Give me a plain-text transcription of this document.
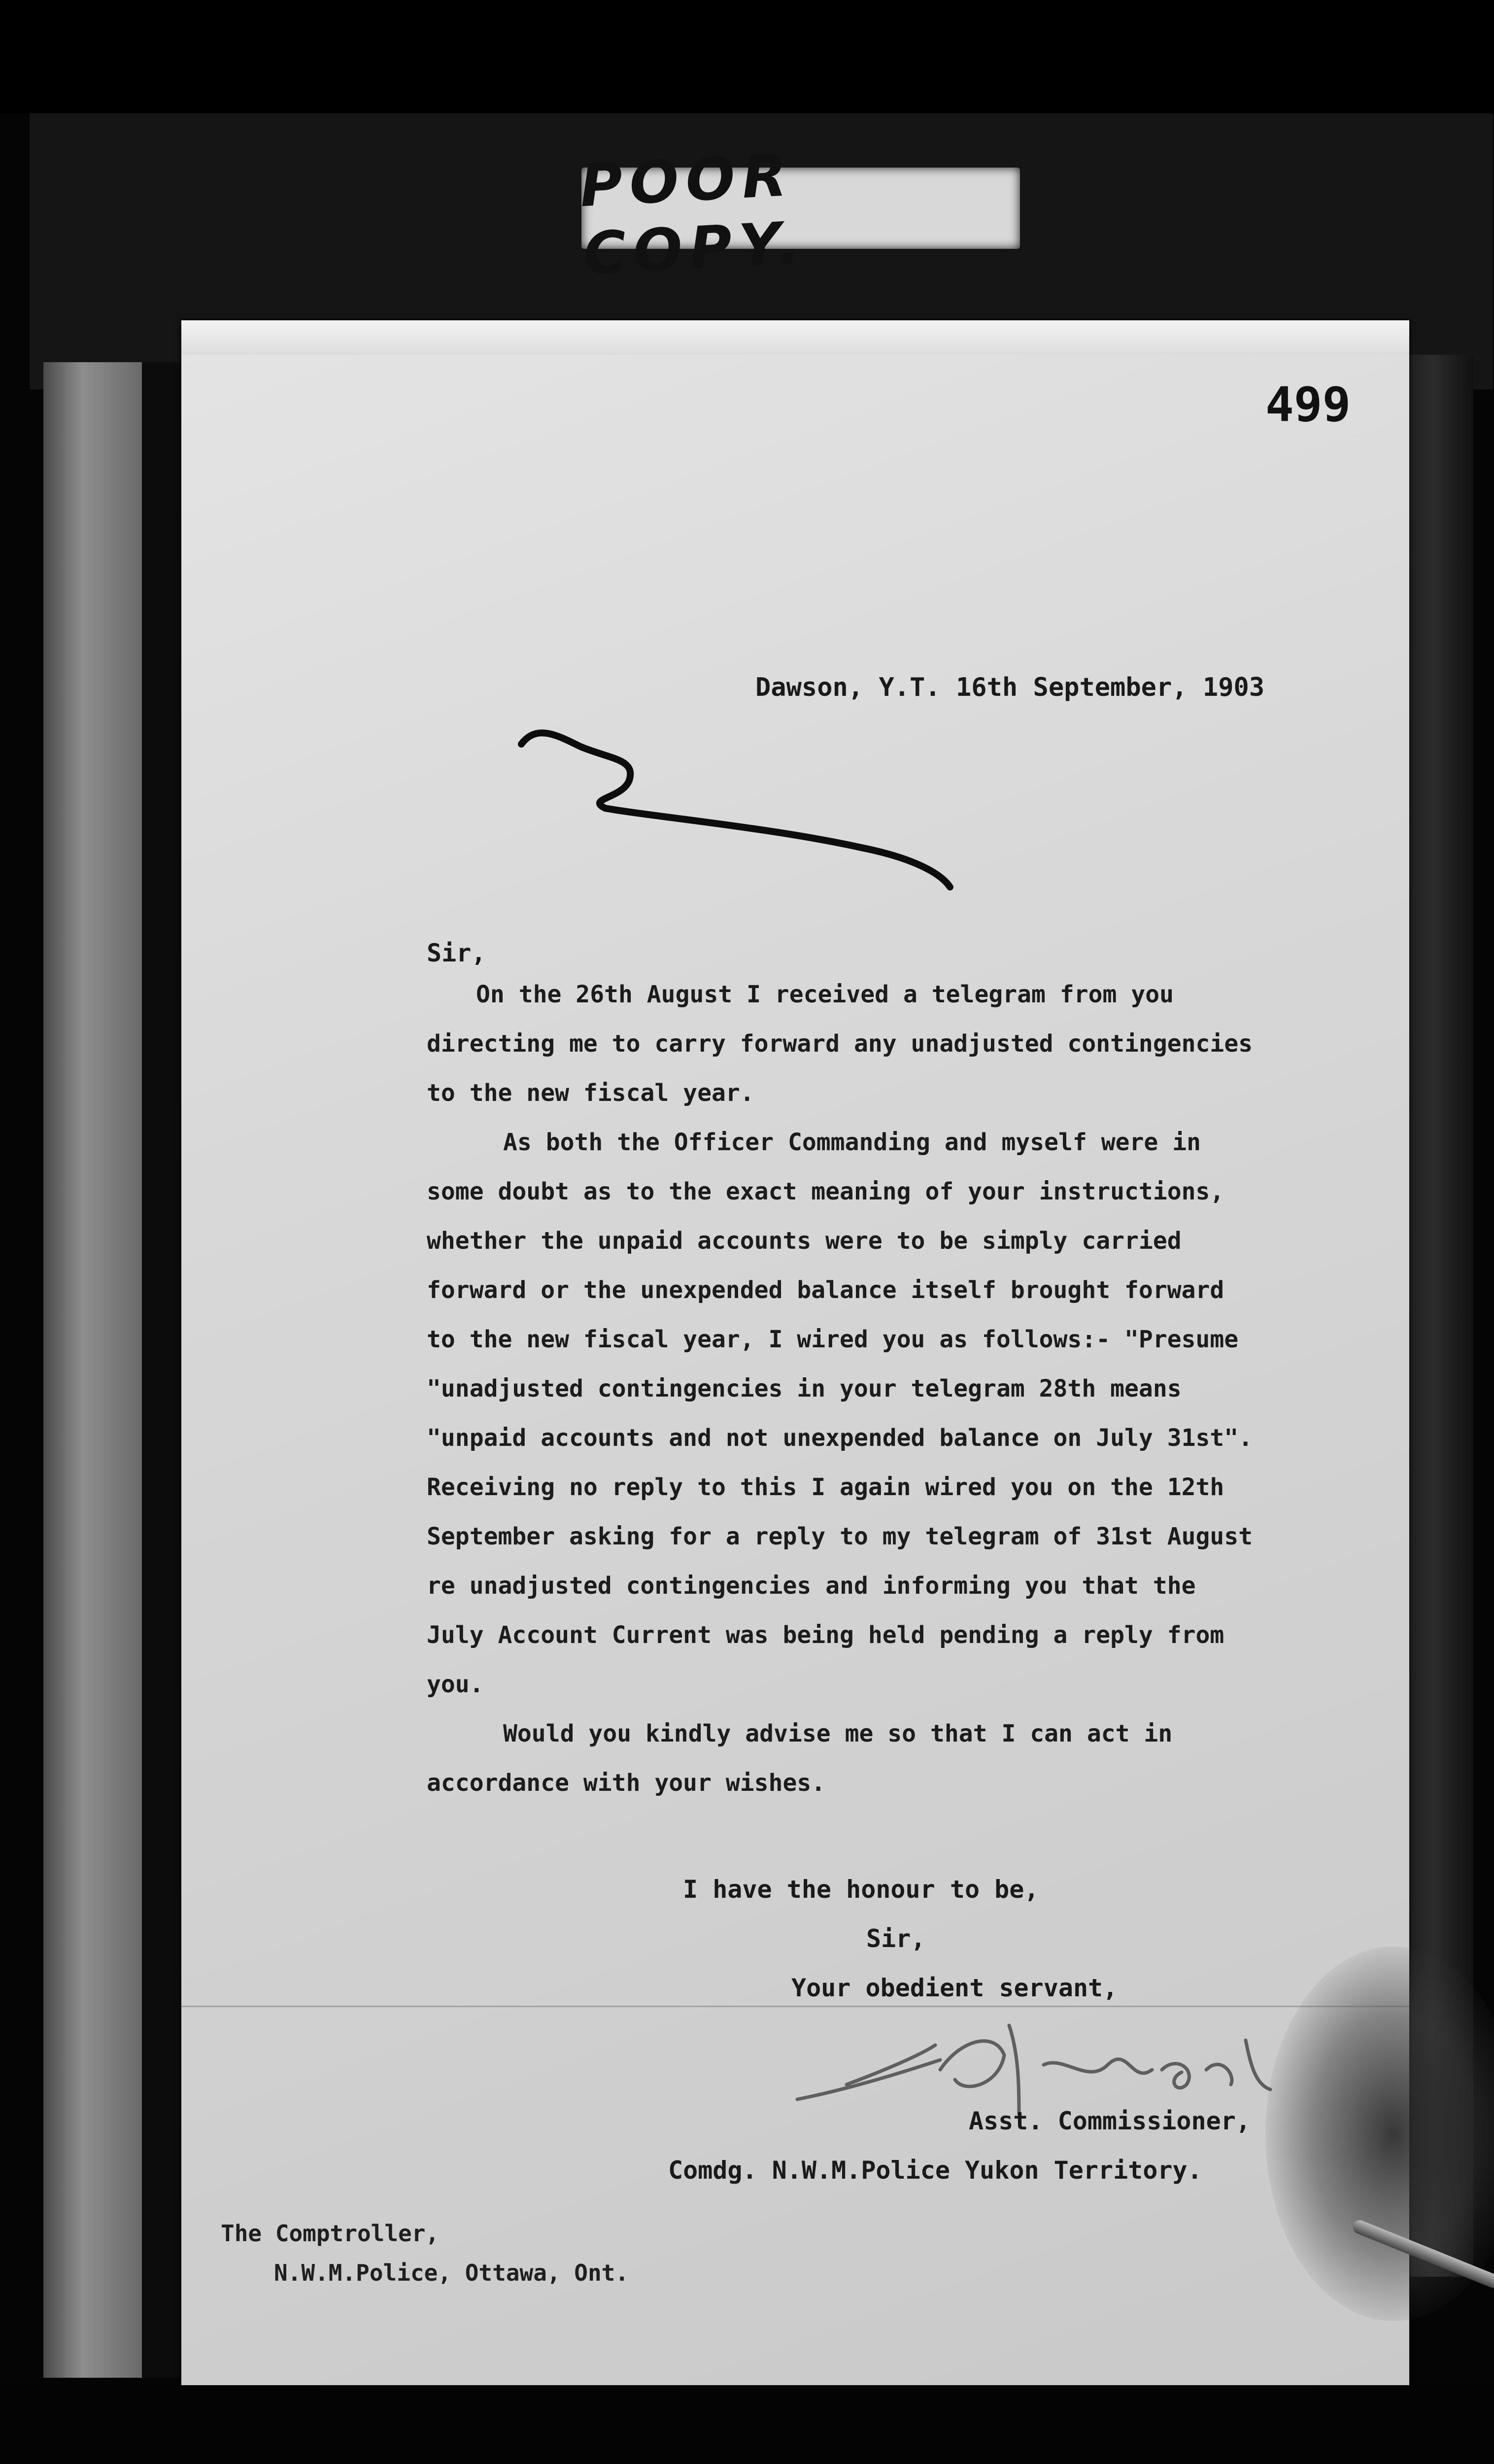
POOR COPY.
499
Dawson, Y.T. 16th September, 1903
Sir,
On the 26th August I received a telegram from you
directing me to carry forward any unadjusted contingencies
to the new fiscal year.
As both the Officer Commanding and myself were in
some doubt as to the exact meaning of your instructions,
whether the unpaid accounts were to be simply carried
forward or the unexpended balance itself brought forward
to the new fiscal year, I wired you as follows:- "Presume
"unadjusted contingencies in your telegram 28th means
"unpaid accounts and not unexpended balance on July 31st".
Receiving no reply to this I again wired you on the 12th
September asking for a reply to my telegram of 31st August
re unadjusted contingencies and informing you that the
July Account Current was being held pending a reply from
you.
Would you kindly advise me so that I can act in
accordance with your wishes.
I have the honour to be,
Sir,
Your obedient servant,
Asst. Commissioner,
Comdg. N.W.M.Police Yukon Territory.
The Comptroller,
N.W.M.Police, Ottawa, Ont.
